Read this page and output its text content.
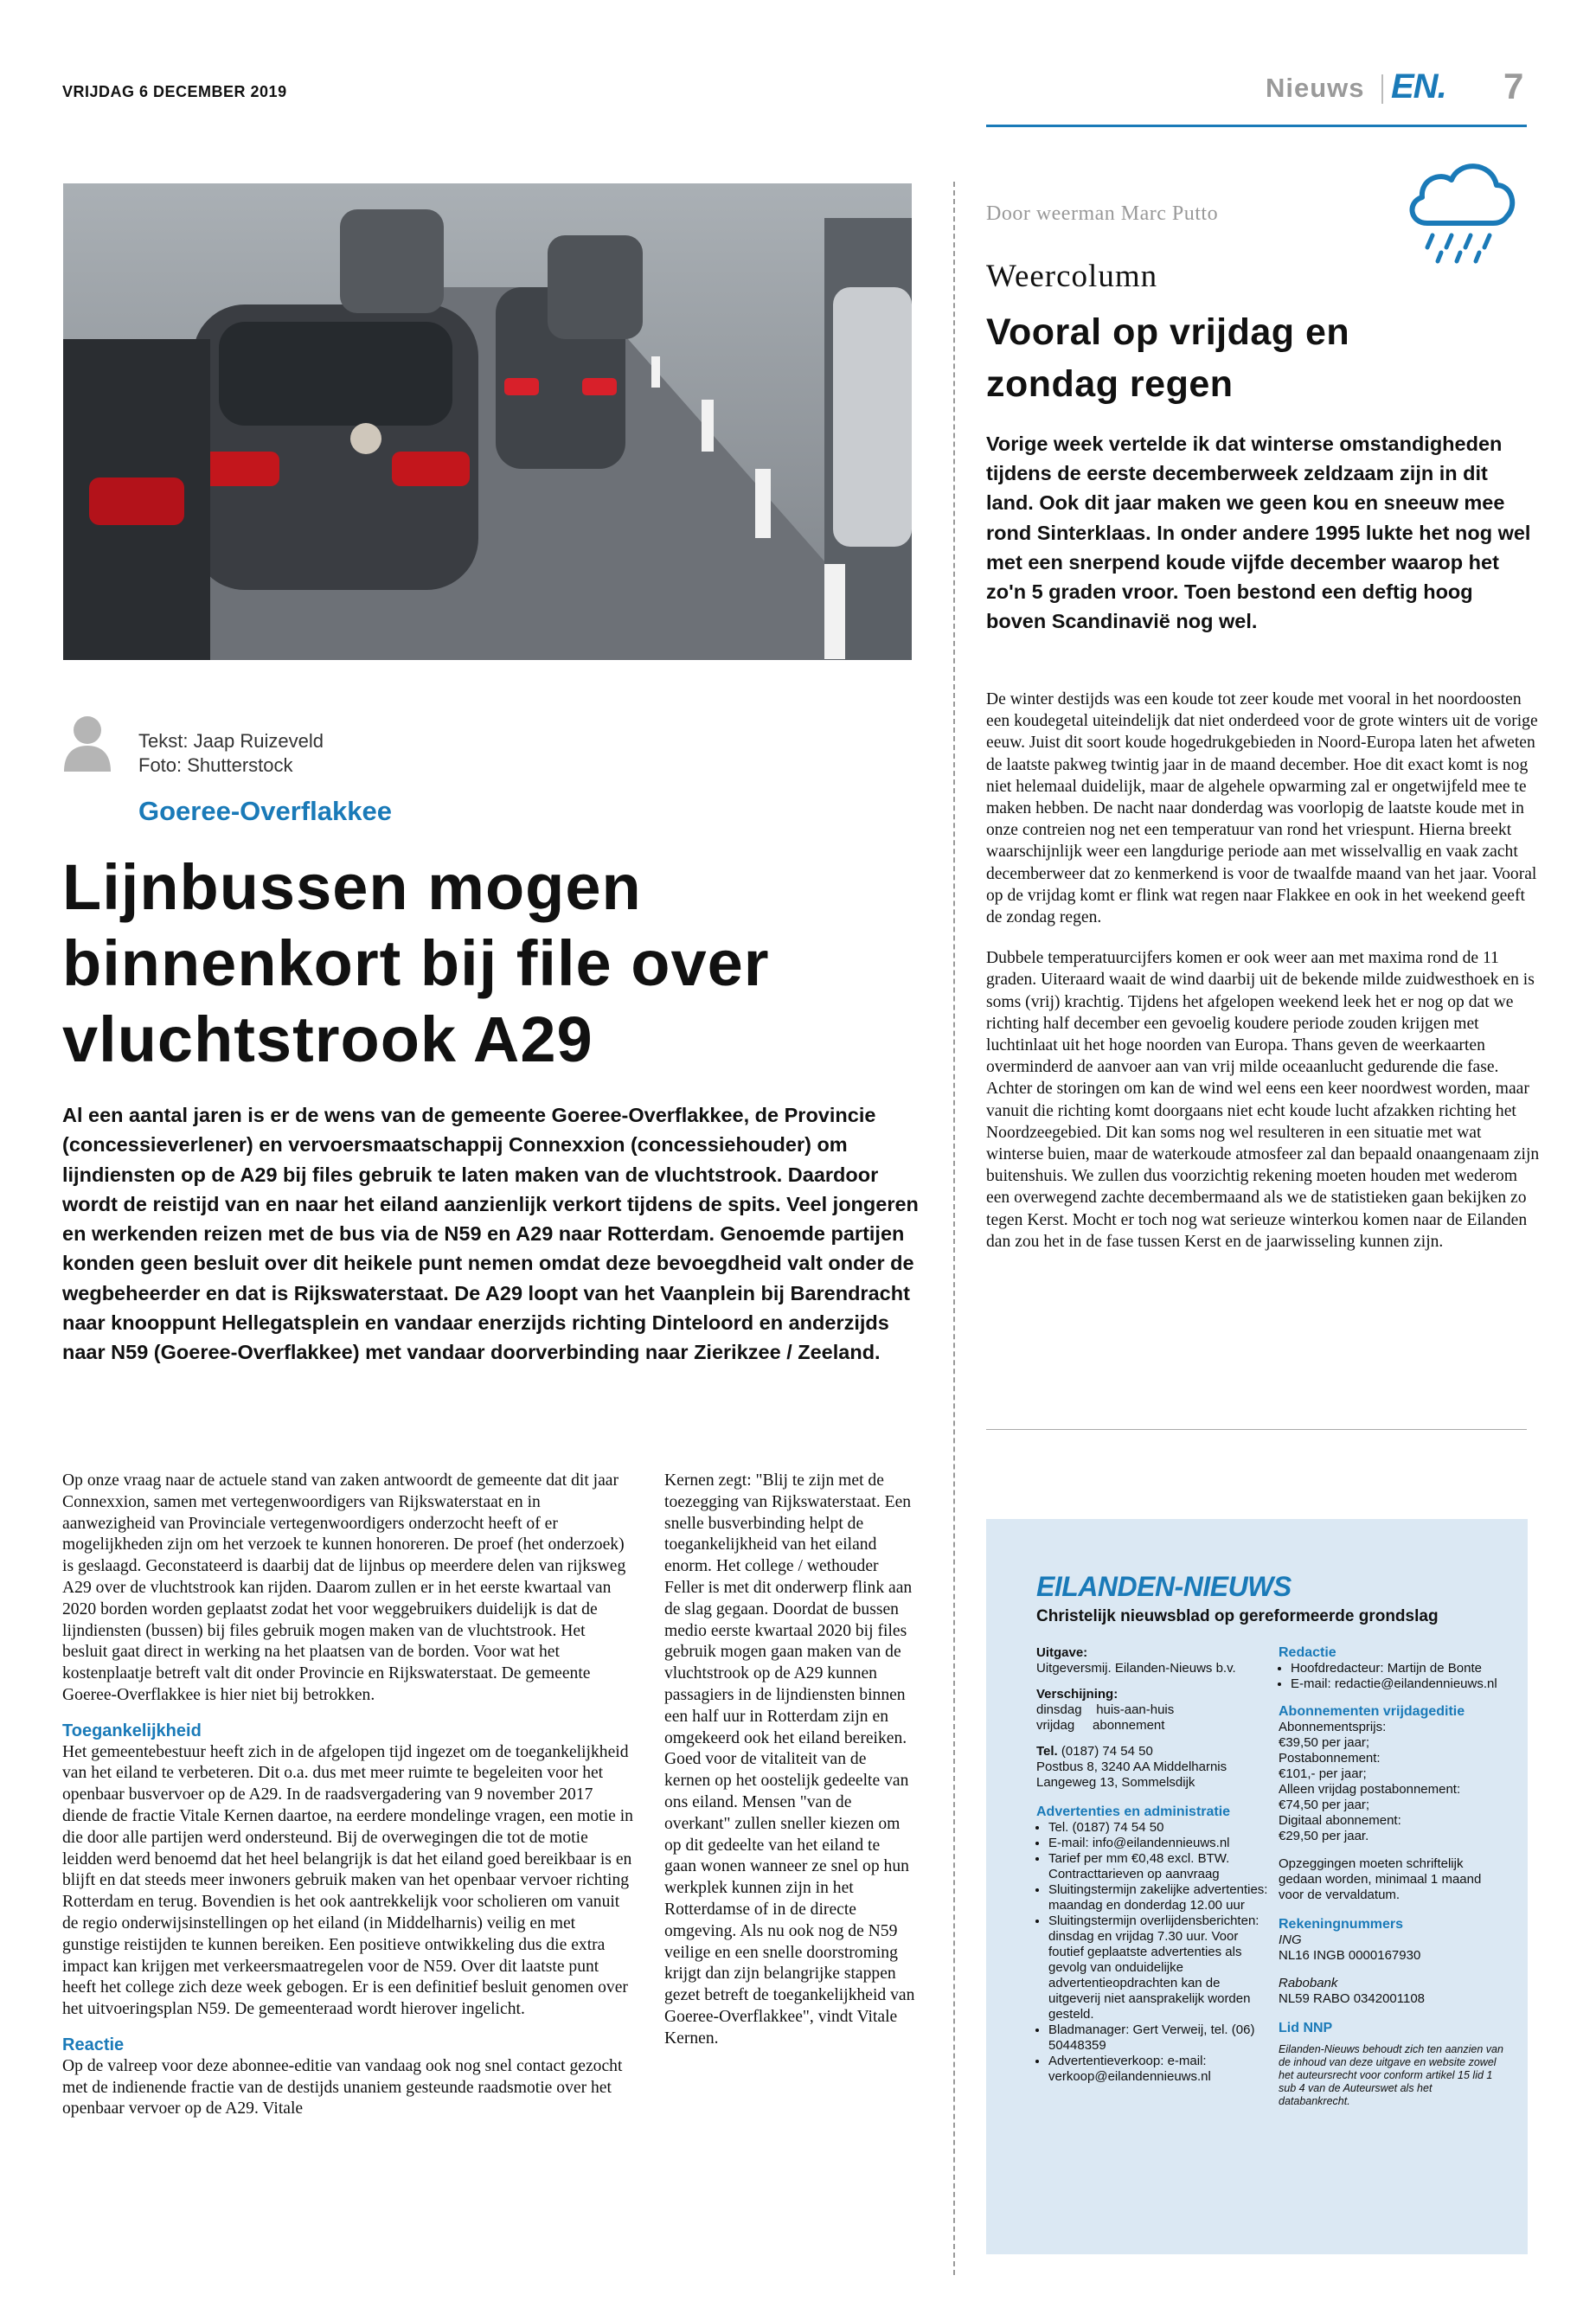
VRIJDAG 6 DECEMBER 2019	Nieuws EN. 7
Tekst: Jaap Ruizeveld
Foto: Shutterstock
Goeree-Overflakkee
Lijnbussen mogen binnenkort bij file over vluchtstrook A29
Al een aantal jaren is er de wens van de gemeente Goeree-Overflakkee, de Provincie (concessieverlener) en vervoersmaatschappij Connexxion (concessiehouder) om lijndiensten op de A29 bij files gebruik te laten maken van de vluchtstrook. Daardoor wordt de reistijd van en naar het eiland aanzienlijk verkort tijdens de spits. Veel jongeren en werkenden reizen met de bus via de N59 en A29 naar Rotterdam. Genoemde partijen konden geen besluit over dit heikele punt nemen omdat deze bevoegdheid valt onder de wegbeheerder en dat is Rijkswaterstaat. De A29 loopt van het Vaanplein bij Barendracht naar knooppunt Hellegatsplein en vandaar enerzijds richting Dinteloord en anderzijds naar N59 (Goeree-Overflakkee) met vandaar doorverbinding naar Zierikzee / Zeeland.

Op onze vraag naar de actuele stand van zaken antwoordt de gemeente dat dit jaar Connexxion, samen met vertegenwoordigers van Rijkswaterstaat en in aanwezigheid van Provinciale vertegenwoordigers onderzocht heeft of er mogelijkheden zijn om het verzoek te kunnen honoreren. De proef (het onderzoek) is geslaagd. Geconstateerd is daarbij dat de lijnbus op meerdere delen van rijksweg A29 over de vluchtstrook kan rijden. Daarom zullen er in het eerste kwartaal van 2020 borden worden geplaatst zodat het voor weggebruikers duidelijk is dat de lijndiensten (bussen) bij files gebruik mogen maken van de vluchtstrook. Het besluit gaat direct in werking na het plaatsen van de borden. Voor wat het kostenplaatje betreft valt dit onder Provincie en Rijkswaterstaat. De gemeente Goeree-Overflakkee is hier niet bij betrokken.

Toegankelijkheid

Het gemeentebestuur heeft zich in de afgelopen tijd ingezet om de toegankelijkheid van het eiland te verbeteren. Dit o.a. dus met meer ruimte te begeleiten voor het openbaar busvervoer op de A29. In de raadsvergadering van 9 november 2017 diende de fractie Vitale Kernen daartoe, na eerdere mondelinge vragen, een motie in die door alle partijen werd ondersteund. Bij de overwegingen die tot de motie leidden werd benoemd dat het heel belangrijk is dat het eiland goed bereikbaar is en blijft en dat steeds meer inwoners gebruik maken van het openbaar vervoer richting Rotterdam en terug. Bovendien is het ook aantrekkelijk voor scholieren om vanuit de regio onderwijsinstellingen op het eiland (in Middelharnis) veilig en met gunstige reistijden te kunnen bereiken. Een positieve ontwikkeling dus die extra impact kan krijgen met verkeersmaatregelen voor de N59. Over dit laatste punt heeft het college zich deze week gebogen. Er is een definitief besluit genomen over het uitvoeringsplan N59. De gemeenteraad wordt hierover ingelicht.

Reactie

Op de valreep voor deze abonnee-editie van vandaag ook nog snel contact gezocht met de indienende fractie van de destijds unaniem gesteunde raadsmotie over het openbaar vervoer op de A29. Vitale

Kernen zegt: "Blij te zijn met de toezegging van Rijkswaterstaat. Een snelle busverbinding helpt de toegankelijkheid van het eiland enorm. Het college / wethouder Feller is met dit onderwerp flink aan de slag gegaan. Doordat de bussen medio eerste kwartaal 2020 bij files gebruik mogen gaan maken van de vluchtstrook op de A29 kunnen passagiers in de lijndiensten binnen een half uur in Rotterdam zijn en omgekeerd ook het eiland bereiken. Goed voor de vitaliteit van de kernen op het oostelijk gedeelte van ons eiland. Mensen "van de overkant" zullen sneller kiezen om op dit gedeelte van het eiland te gaan wonen wanneer ze snel op hun werkplek kunnen zijn in het Rotterdamse of in de directe omgeving. Als nu ook nog de N59 veilige en een snelle doorstroming krijgt dan zijn belangrijke stappen gezet betreft de toegankelijkheid van Goeree-Overflakkee", vindt Vitale Kernen.

Door weerman Marc Putto
Weercolumn
Vooral op vrijdag en zondag regen
Vorige week vertelde ik dat winterse omstandigheden tijdens de eerste decemberweek zeldzaam zijn in dit land. Ook dit jaar maken we geen kou en sneeuw mee rond Sinterklaas. In onder andere 1995 lukte het nog wel met een snerpend koude vijfde december waarop het zo'n 5 graden vroor. Toen bestond een deftig hoog boven Scandinavië nog wel.

De winter destijds was een koude tot zeer koude met vooral in het noordoosten een koudegetal uiteindelijk dat niet onderdeed voor de grote winters uit de vorige eeuw. Juist dit soort koude hogedrukgebieden in Noord-Europa laten het afweten de laatste pakweg twintig jaar in de maand december. Hoe dit exact komt is nog niet helemaal duidelijk, maar de algehele opwarming zal er ongetwijfeld mee te maken hebben. De nacht naar donderdag was voorlopig de laatste koude met in onze contreien nog net een temperatuur van rond het vriespunt. Hierna breekt waarschijnlijk weer een langdurige periode aan met wisselvallig en vaak zacht decemberweer dat zo kenmerkend is voor de twaalfde maand van het jaar. Vooral op de vrijdag komt er flink wat regen naar Flakkee en ook in het weekend geeft de zondag regen.

Dubbele temperatuurcijfers komen er ook weer aan met maxima rond de 11 graden. Uiteraard waait de wind daarbij uit de bekende milde zuidwesthoek en is soms (vrij) krachtig. Tijdens het afgelopen weekend leek het er nog op dat we richting half december een gevoelig koudere periode zouden krijgen met luchtinlaat uit het hoge noorden van Europa. Thans geven de weerkaarten overminderd de aanvoer aan van vrij milde oceaanlucht gedurende die fase. Achter de storingen om kan de wind wel eens een keer noordwest worden, maar vanuit die richting komt doorgaans niet echt koude lucht afzakken richting het Noordzeegebied. Dit kan soms nog wel resulteren in een situatie met wat winterse buien, maar de waterkoude atmosfeer zal dan bepaald onaangenaam zijn buitenshuis. We zullen dus voorzichtig rekening moeten houden met wederom een overwegend zachte decembermaand als we de statistieken gaan bekijken zo tegen Kerst. Mocht er toch nog wat serieuze winterkou komen naar de Eilanden dan zou het in de fase tussen Kerst en de jaarwisseling kunnen zijn.

EILANDEN-NIEUWS
Christelijk nieuwsblad op gereformeerde grondslag
Uitgave:
Uitgeversmij. Eilanden-Nieuws b.v.
Verschijning:
dinsdag    huis-aan-huis
vrijdag     abonnement
Tel. (0187) 74 54 50
Postbus 8, 3240 AA Middelharnis
Langeweg 13, Sommelsdijk
Advertenties en administratie
• Tel. (0187) 74 54 50
• E-mail: info@eilandennieuws.nl
• Tarief per mm €0,48 excl. BTW. Contracttarieven op aanvraag
• Sluitingstermijn zakelijke advertenties: maandag en donderdag 12.00 uur
• Sluitingstermijn overlijdensberichten: dinsdag en vrijdag 7.30 uur. Voor foutief geplaatste advertenties als gevolg van onduidelijke advertentieopdrachten kan de uitgeverij niet aansprakelijk worden gesteld.
• Bladmanager: Gert Verweij, tel. (06) 50448359
• Advertentieverkoop: e-mail: verkoop@eilandennieuws.nl
Redactie
• Hoofdredacteur: Martijn de Bonte
• E-mail: redactie@eilandennieuws.nl
Abonnementen vrijdageditie
Abonnementsprijs:
€39,50 per jaar;
Postabonnement:
€101,- per jaar;
Alleen vrijdag postabonnement:
€74,50 per jaar;
Digitaal abonnement:
€29,50 per jaar.
Opzeggingen moeten schriftelijk gedaan worden, minimaal 1 maand voor de vervaldatum.
Rekeningnummers
ING
NL16 INGB 0000167930
Rabobank
NL59 RABO 0342001108
Lid NNP
Eilanden-Nieuws behoudt zich ten aanzien van de inhoud van deze uitgave en website zowel het auteursrecht voor conform artikel 15 lid 1 sub 4 van de Auteurswet als het databankrecht.
